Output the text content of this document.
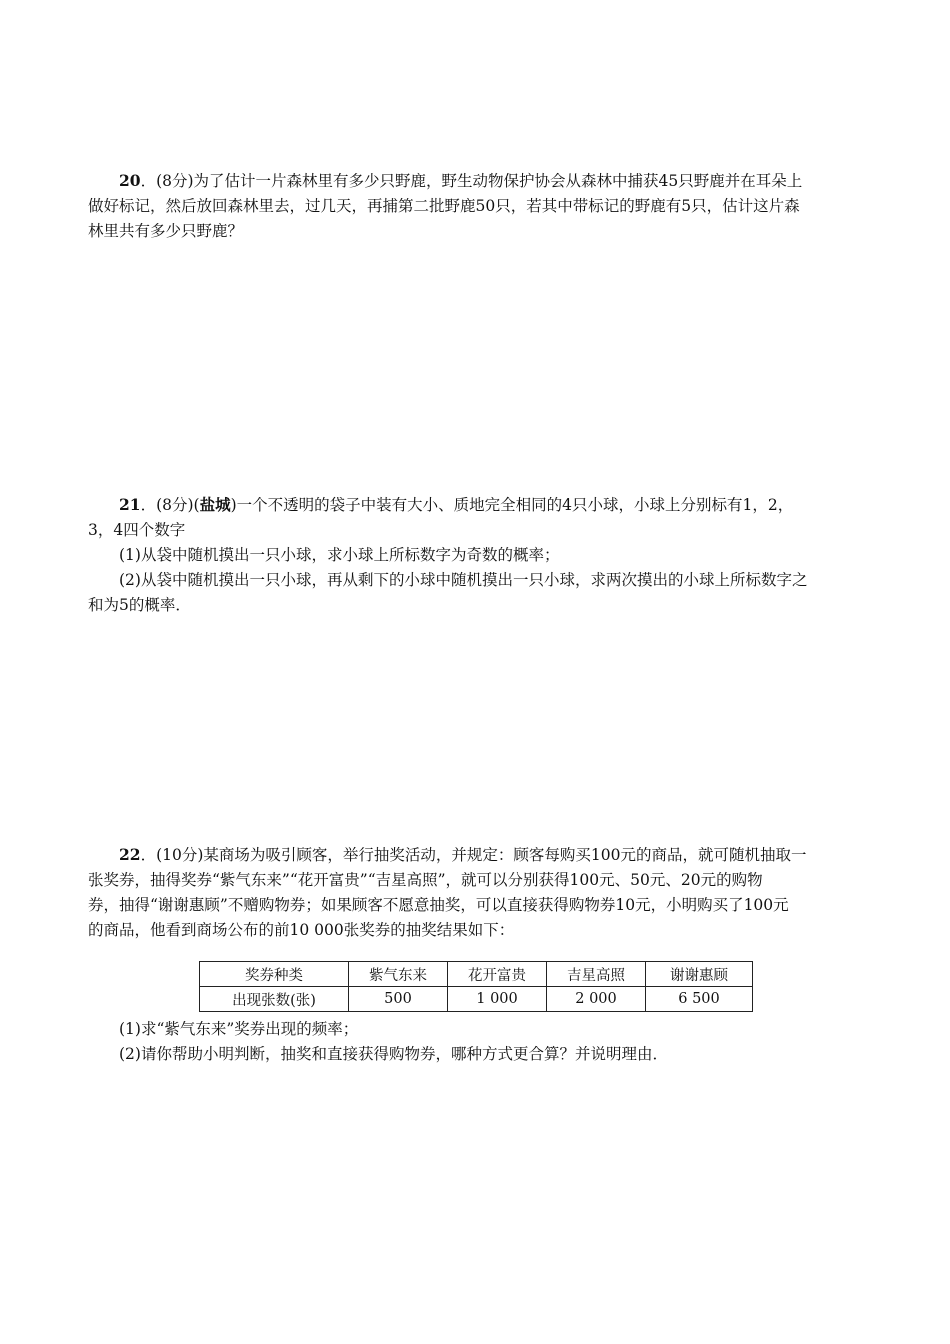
20．(8分)为了估计一片森林里有多少只野鹿，野生动物保护协会从森林中捕获45只野鹿并在耳朵上

做好标记，然后放回森林里去，过几天，再捕第二批野鹿50只，若其中带标记的野鹿有5只，估计这片森

林里共有多少只野鹿？

21．(8分)(盐城)一个不透明的袋子中装有大小、质地完全相同的4只小球，小球上分别标有1，2，

3，4四个数字

(1)从袋中随机摸出一只小球，求小球上所标数字为奇数的概率；

(2)从袋中随机摸出一只小球，再从剩下的小球中随机摸出一只小球，求两次摸出的小球上所标数字之

和为5的概率．

22．(10分)某商场为吸引顾客，举行抽奖活动，并规定：顾客每购买100元的商品，就可随机抽取一

张奖券，抽得奖券“紫气东来”“花开富贵”“吉星高照”，就可以分别获得100元、50元、20元的购物

券，抽得“谢谢惠顾”不赠购物券；如果顾客不愿意抽奖，可以直接获得购物券10元，小明购买了100元

的商品，他看到商场公布的前10 000张奖券的抽奖结果如下：

奖券种类	紫气东来	花开富贵	吉星高照	谢谢惠顾
出现张数(张)	500	1 000	2 000	6 500

(1)求“紫气东来”奖券出现的频率；

(2)请你帮助小明判断，抽奖和直接获得购物券，哪种方式更合算？并说明理由．
